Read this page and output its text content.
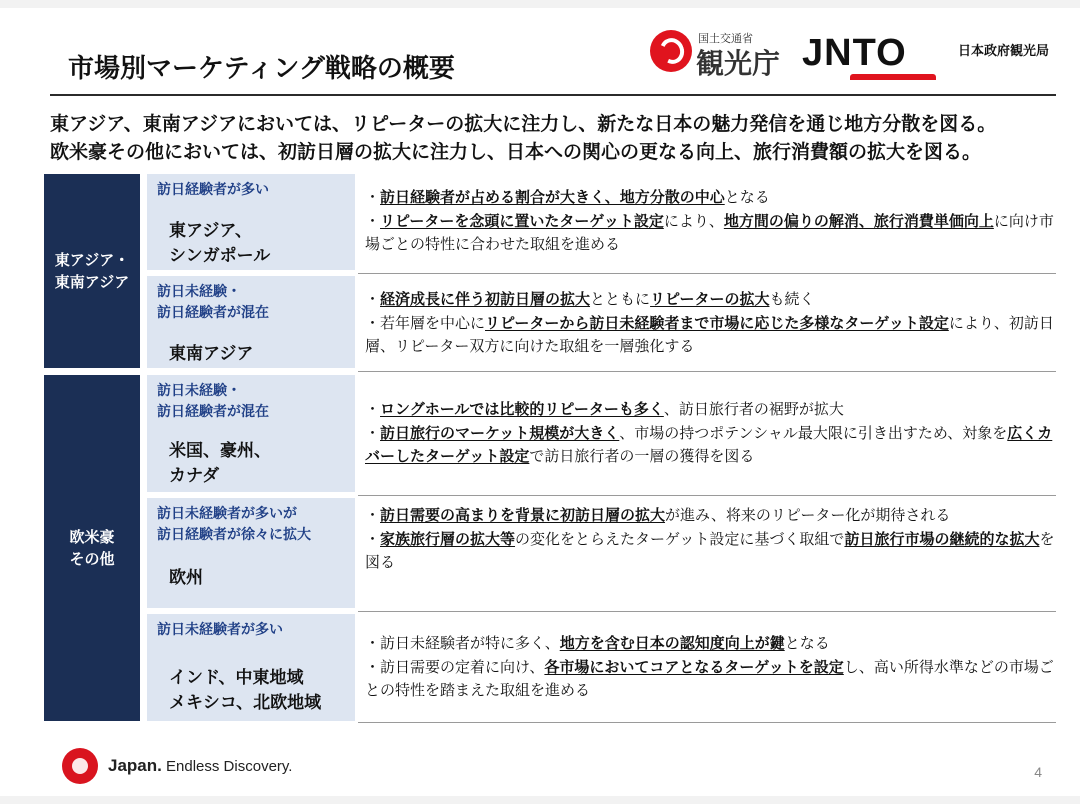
市場別マーケティング戦略の概要
国土交通省
観光庁 JNTO	日本政府観光局
東アジア、東南アジアにおいては、リピーターの拡大に注力し、新たな日本の魅力発信を通じ地方分散を図る。
欧米豪その他においては、初訪日層の拡大に注力し、日本への関心の更なる向上、旅行消費額の拡大を図る。
東アジア・
東南アジア
欧米豪
その他
訪日経験者が多い
東アジア、
シンガポール
訪日未経験・
訪日経験者が混在
東南アジア
訪日未経験・
訪日経験者が混在
米国、豪州、
カナダ
訪日未経験者が多いが
訪日経験者が徐々に拡大
欧州
訪日未経験者が多い
インド、中東地域
メキシコ、北欧地域
・訪日経験者が占める割合が大きく、地方分散の中心となる
・リピーターを念頭に置いたターゲット設定により、地方間の偏りの解消、旅行消費単価向上に向け市場ごとの特性に合わせた取組を進める
・経済成長に伴う初訪日層の拡大とともにリピーターの拡大も続く
・若年層を中心にリピーターから訪日未経験者まで市場に応じた多様なターゲット設定により、初訪日層、リピーター双方に向けた取組を一層強化する
・ロングホールでは比較的リピーターも多く、訪日旅行者の裾野が拡大
・訪日旅行のマーケット規模が大きく、市場の持つポテンシャル最大限に引き出すため、対象を広くカバーしたターゲット設定で訪日旅行者の一層の獲得を図る
・訪日需要の高まりを背景に初訪日層の拡大が進み、将来のリピーター化が期待される
・家族旅行層の拡大等の変化をとらえたターゲット設定に基づく取組で訪日旅行市場の継続的な拡大を図る
・訪日未経験者が特に多く、地方を含む日本の認知度向上が鍵となる
・訪日需要の定着に向け、各市場においてコアとなるターゲットを設定し、高い所得水準などの市場ごとの特性を踏まえた取組を進める
Japan. Endless Discovery.	4
